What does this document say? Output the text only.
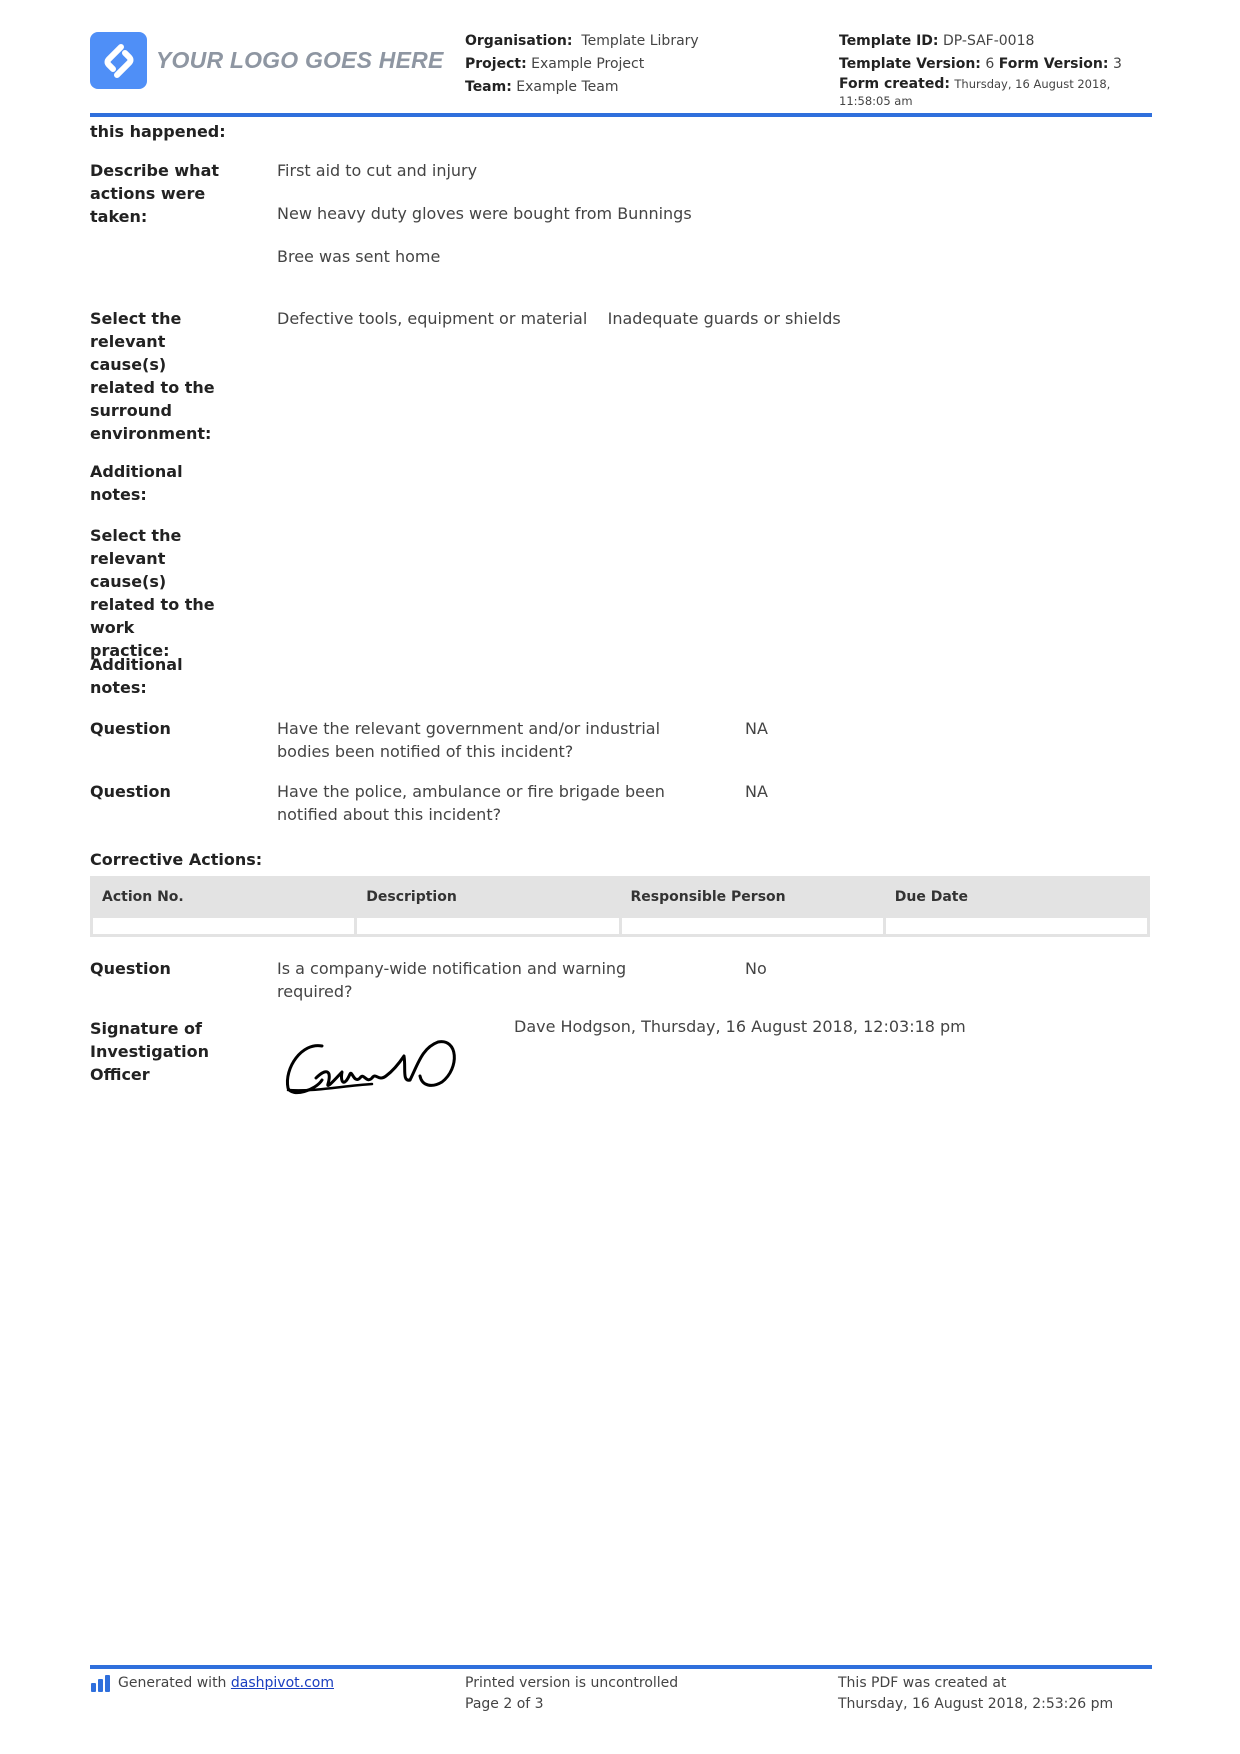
YOUR LOGO GOES HERE
Organisation: Template Library
Project: Example Project
Team: Example Team
Template ID: DP-SAF-0018
Template Version: 6 Form Version: 3
Form created: Thursday, 16 August 2018, 11:58:05 am
this happened:
Describe what actions were taken:

First aid to cut and injury

New heavy duty gloves were bought from Bunnings

Bree was sent home

Select the relevant cause(s) related to the surround environment:
Defective tools, equipment or material Inadequate guards or shields
Additional notes:
Select the relevant cause(s) related to the work practice:
Additional notes:
Question	Have the relevant government and/or industrial bodies been notified of this incident?
NA
Question	Have the police, ambulance or fire brigade been notified about this incident?
NA
Corrective Actions:
Action No.	Description	Responsible Person	Due Date

Question	Is a company-wide notification and warning required?
No
Signature of Investigation Officer
Dave Hodgson, Thursday, 16 August 2018, 12:03:18 pm
Generated with
dashpivot.com	Printed version is uncontrolled
Page 2 of 3
This PDF was created at
Thursday, 16 August 2018, 2:53:26 pm
